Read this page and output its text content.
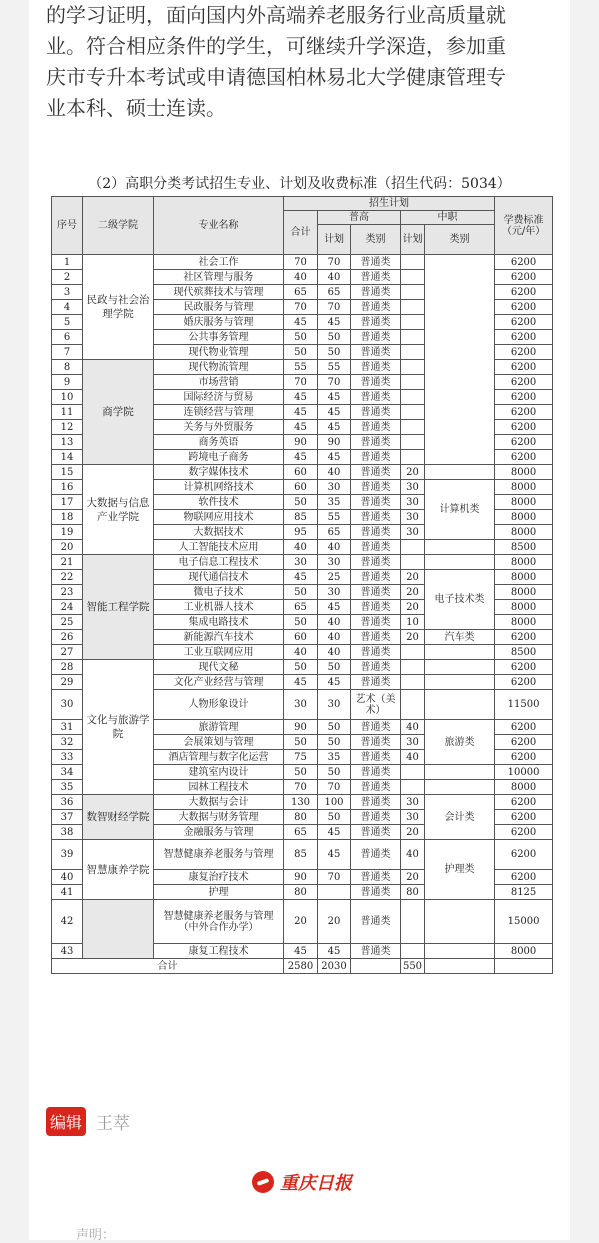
的学习证明，面向国内外高端养老服务行业高质量就

业。符合相应条件的学生，可继续升学深造，参加重

庆市专升本考试或申请德国柏林易北大学健康管理专

业本科、硕士连读。

（2）高职分类考试招生专业、计划及收费标准（招生代码：5034）
序号	二级学院	专业名称	招生计划					学费标准（元/年）
			合计	普高		中职		
				计划	类别	计划	类别	
1	民政与社会治理学院	社会工作	70	70	普通类			6200
2		社区管理与服务	40	40	普通类			6200
3		现代殡葬技术与管理	65	65	普通类			6200
4		民政服务与管理	70	70	普通类			6200
5		婚庆服务与管理	45	45	普通类			6200
6		公共事务管理	50	50	普通类			6200
7		现代物业管理	50	50	普通类			6200
8	商学院	现代物流管理	55	55	普通类			6200
9		市场营销	70	70	普通类			6200
10		国际经济与贸易	45	45	普通类			6200
11		连锁经营与管理	45	45	普通类			6200
12		关务与外贸服务	45	45	普通类			6200
13		商务英语	90	90	普通类			6200
14		跨境电子商务	45	45	普通类			6200
15	大数据与信息产业学院	数字媒体技术	60	40	普通类	20		8000
16		计算机网络技术	60	30	普通类	30	计算机类	8000
17		软件技术	50	35	普通类	30		8000
18		物联网应用技术	85	55	普通类	30		8000
19		大数据技术	95	65	普通类	30		8000
20		人工智能技术应用	40	40	普通类			8500
21	智能工程学院	电子信息工程技术	30	30	普通类			8000
22		现代通信技术	45	25	普通类	20	电子技术类	8000
23		微电子技术	50	30	普通类	20		8000
24		工业机器人技术	65	45	普通类	20		8000
25		集成电路技术	50	40	普通类	10		8000
26		新能源汽车技术	60	40	普通类	20	汽车类	6200
27		工业互联网应用	40	40	普通类			8500
28	文化与旅游学院	现代文秘	50	50	普通类			6200
29		文化产业经营与管理	45	45	普通类			6200
30		人物形象设计	30	30	艺术（美术）			11500
31		旅游管理	90	50	普通类	40	旅游类	6200
32		会展策划与管理	50	50	普通类	30		6200
33		酒店管理与数字化运营	75	35	普通类	40		6200
34		建筑室内设计	50	50	普通类			10000
35		园林工程技术	70	70	普通类			8000
36	数智财经学院	大数据与会计	130	100	普通类	30	会计类	6200
37		大数据与财务管理	80	50	普通类	30		6200
38		金融服务与管理	65	45	普通类	20		6200
39	智慧康养学院	智慧健康养老服务与管理	85	45	普通类	40	护理类	6200
40		康复治疗技术	90	70	普通类	20		6200
41		护理	80		普通类	80		8125
42		智慧健康养老服务与管理（中外合作办学）	20	20	普通类			15000
43		康复工程技术	45	45	普通类			8000
合计			2580	2030		550		
编辑 王萃
重庆日报
声明：
